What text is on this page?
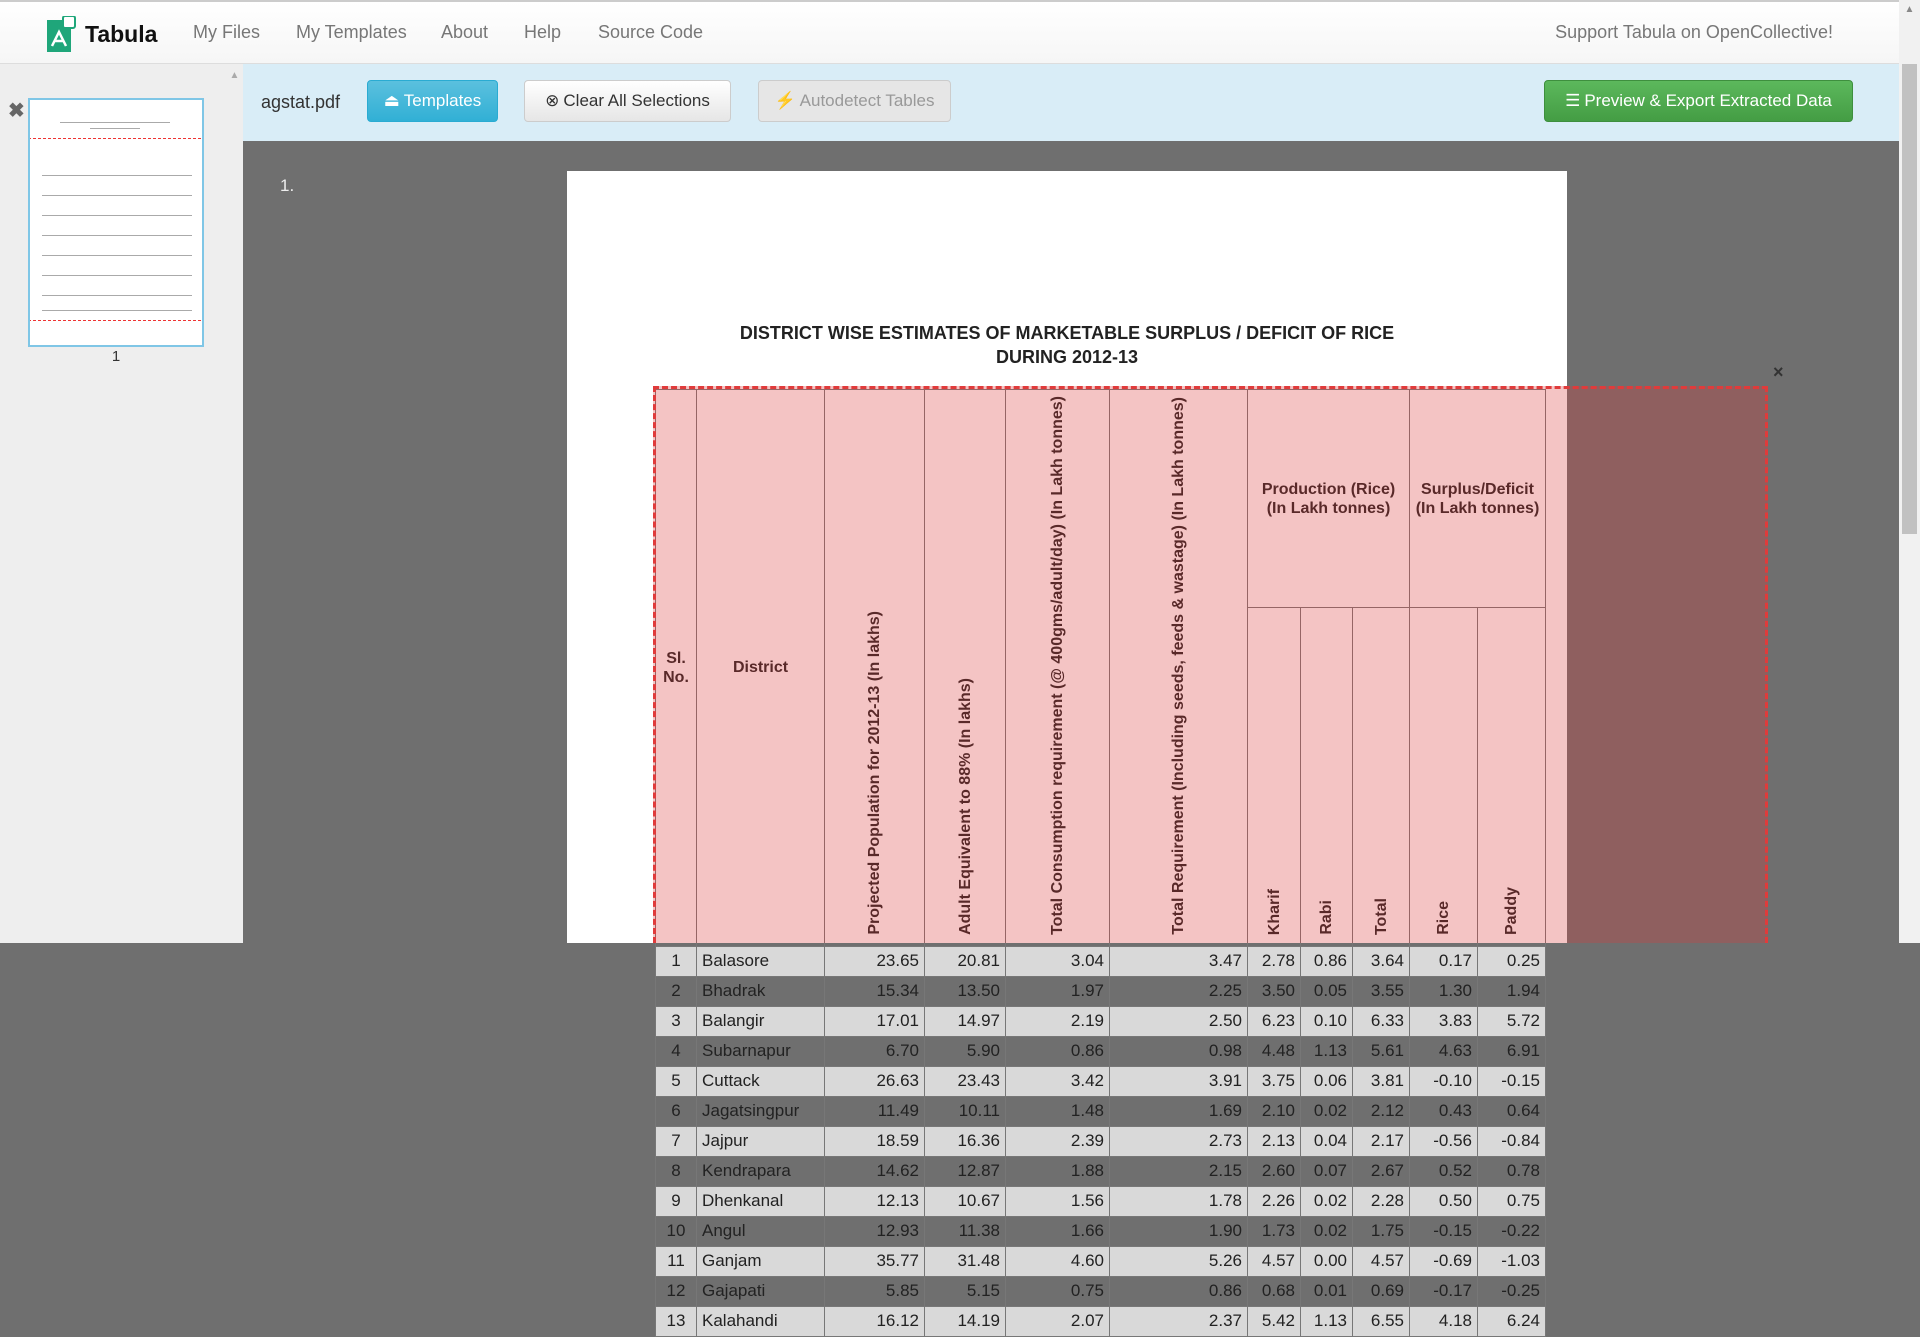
Tabula My Files My Templates About Help Source Code	Support Tabula on OpenCollective!
▲
✖
1
agstat.pdf	⏏ Templates	⊗ Clear All Selections	⚡ Autodetect Tables	☰ Preview & Export Extracted Data
1.
DISTRICT WISE ESTIMATES OF MARKETABLE SURPLUS / DEFICIT OF RICE
DURING 2012-13
Sl. No.	District	Projected Population for 2012-13 (In lakhs)	Adult Equivalent to 88% (In lakhs)	Total Consumption requirement (@ 400gms/adult/day) (In Lakh tonnes)	Total Requirement (Including seeds, feeds & wastage) (In Lakh tonnes)	Production (Rice) (In Lakh tonnes)			Surplus/Deficit (In Lakh tonnes)	
						Kharif	Rabi	Total	Rice	Paddy
1	Balasore	23.65	20.81	3.04	3.47	2.78	0.86	3.64	0.17	0.25
2	Bhadrak	15.34	13.50	1.97	2.25	3.50	0.05	3.55	1.30	1.94
3	Balangir	17.01	14.97	2.19	2.50	6.23	0.10	6.33	3.83	5.72
4	Subarnapur	6.70	5.90	0.86	0.98	4.48	1.13	5.61	4.63	6.91
5	Cuttack	26.63	23.43	3.42	3.91	3.75	0.06	3.81	-0.10	-0.15
6	Jagatsingpur	11.49	10.11	1.48	1.69	2.10	0.02	2.12	0.43	0.64
7	Jajpur	18.59	16.36	2.39	2.73	2.13	0.04	2.17	-0.56	-0.84
8	Kendrapara	14.62	12.87	1.88	2.15	2.60	0.07	2.67	0.52	0.78
9	Dhenkanal	12.13	10.67	1.56	1.78	2.26	0.02	2.28	0.50	0.75
10	Angul	12.93	11.38	1.66	1.90	1.73	0.02	1.75	-0.15	-0.22
11	Ganjam	35.77	31.48	4.60	5.26	4.57	0.00	4.57	-0.69	-1.03
12	Gajapati	5.85	5.15	0.75	0.86	0.68	0.01	0.69	-0.17	-0.25
13	Kalahandi	16.12	14.19	2.07	2.37	5.42	1.13	6.55	4.18	6.24
×
▲
